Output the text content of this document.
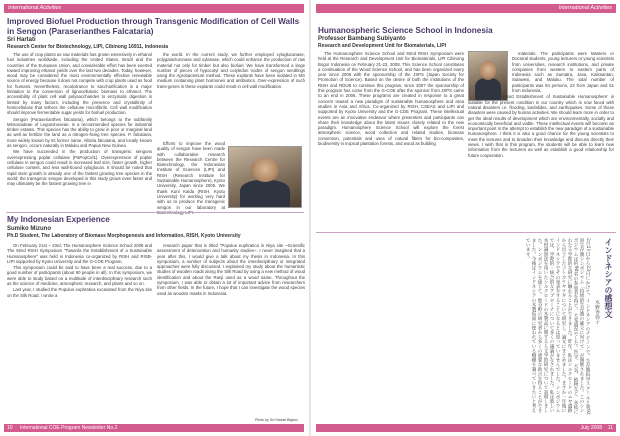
International Activities	International Activities
Improved Biofuel Production through Transgenic Modification of Cell Walls in Sengon (Paraserianthes Falcataria)
Sri Hartati
Research Center for Biotechnology, LIPI, Cibinong 16911, Indonesia

The use of crop plants as raw materials has grown extensively in ethanol fuel industries worldwide, including the United States, Brazil and the countries of the European Union, and considerable effort has been exerted toward improving ethanol yields over the last two decades. Today, however, wood may be considered the most environmentally effective renewable source of energy because it does not compete with crop plants used as food for humans. Nevertheless, recalcitrance to saccharification is a major limitation to the conversion of lignocellulosic biomass to ethanol. The accessibility of plant cell wall polysaccharides to enzymatic digestion is limited by many factors, including the presence and crystallinity of hemicellulose that tethers the cellulose microfibrils. Cell wall modification should improve fermentable sugar yields for biofuel production.

Sengon (Paraserianthes falcataria), which belongs to the subfamily Mimosoideae of Leguminoseae, is a recommended species for industrial timber estates. This species has the ability to grow in poor or marginal land as well as fertilize the land as a nitrogen-fixing tree species. P. falcataria, more widely known by its former name, Albizia falcataria, and locally known as sengon, occurs naturally in Maluku and Papua New Guinea.

We have succeeded in the production of transgenic sengons overexpressing poplar cellulase (PaPopCel1). Overexpression of poplar cellulase in sengon could result in increased leaf size, faster growth, higher cellulose content, and less wall-bound xyloglucan. It should be noted that rapid stem growth is already one of the fastest growing tree species in the world; the transgenic sengon developed in this study grows even faster and may ultimately be the fastest growing tree in

the world. In the current study, we further employed xyloglucanase, polygalacturonase and xylanase, which could enhance the production of raw material not only for timber but also biofuel. We have transformed a large number of pieces of hypocotyl and cotyledon nodes of sengon seedlings using the Agrobacterium method. These explants have been isolated in MS medium containing plant hormones and antibiotics. Over-expression of such trans-genes in these explants could result in cell wall modification.

Efforts to improve the wood quality of sengon have been made with collaborative research between the Research Centre for Biotechnology, the Indonesian Institute of Sciences (LIPI) and RISH (Research Institute for Sustainable Humanosphere), Kyoto University, Japan since 2005. We thank Kuni Kaida (RISH, Kyoto University) for working very hard with us to produce the transgenic sengon in our laboratory at

My Indonesian Experience
Sumiko Mizuno
Ph.D Student, The Laboratory of Biomass Morphogenesis and Information, RISH, Kyoto University

On February 21st ~ 23rd, The Humanosphere Science School 2008 and The 92nd RISH Symposium "Towards the Establishment of a Sustainable Humanosphere" was held in Indonesia co-organized by RISH and RISB-LIPI supported by Kyoto University and the G-COE Program.

This symposium could be said to have been a real success, due to a good number of participants (about 90 people in all). In this symposium, we were able to study based on a multitude of interdisciplinary research such as the science of medicine, atmospheric research, and plants and so on.

Last year, I studied the Populus euphratica excavated from the Niya site on the Silk Road. I wrote a

research paper that is titled "Populus euphratica in Niya site ~Scientific assessment of deterioration and humanity studies~. I never imagined that a year after this, I would give a talk about my thesis in Indonesia. In this symposium, a number of subjects about the interdisciplinary or integrated approaches were fully discussed. I explained my study about the humanistic studies of wooden roads along the Silk Road by using a new method of wood identification and about the Ranji used as a wood name. Throughout the symposium, I was able to obtain a lot of important advice from researchers from other fields. In the future, I hope that I can investigate the wood species used as wooden masks in Indonesia.

Photo by Sri Hartati Bigbox
Humanospheric Science School in Indonesia
Professor Bambang Subiyanto
Research and Development Unit for Biomaterials, LIPI

The Humanosphere Science School and 92nd RISH Symposium were held at the Research and Development Unit for Biomaterials, LIPI Cibinong Bogor Indonesia on February 21-23, 2008. This Science School constitutes a continuation of the Wood Science School, and has been organized every year since 2006 with the sponsorship of the JSPS (Japan Society for Promotion of Science). Based on the desire of both the institutions of the RISH and RDUB to continue this program, since 2007 the sponsorship of this program has come from the G-COE after the sponsor from JSPS came to an end in 2006. These programs are created in response to a great concern toward a new paradigm of sustainable humanosphere and area studies in Asia and Africa. Co-organized by RISH, CSEAS and LIPI and supported by Kyoto University and the G-COE Program. These intellectual events are an innovative endeavor where presenters and participants can share their knowledge about the latest issues closely related to the new paradigm. Humanosphere Science School will explore the forest atmospheric science, wood collection and related studies, biomass conversion, potentials and uses of natural fibers for bio-composites, biodiversity in tropical plantation forests, and wood as building

materials. The participants were Masters or Doctoral students, young lecturers or young scientists from universities, research institutions, and private companies from western to eastern parts of Indonesia such as Sumatra, Java, Kalimantan, Sulawesi, and Maluku. The total number of participants was 84 persons, 23 from Japan and 51 from Indonesia.

The theme 'Toward Establishment of Sustainable Humanosphere' is suitable for the present condition in our country which is now faced with natural disasters i.e. flooding, landslides, and earthquakes. Some of those disasters were caused by human activities. We should learn more in order to get the ideal results of development which are environmentally, socially and economically beneficial and viable. These intellectual events will become an important point in the attempt to establish the new paradigm of a sustainable humanosphere. I think it is also a good chance for the young scientists to meet the lectures and to broaden their knowledge and discuss directly their views. I wish that in this program, the students will be able to learn new information from the lecturers as well as establish a good relationship for future cooperation.

インドネシアの感想文
水野寿弥子
2月21日から23日にかけて、インドネシアのチビノンで、生存圏科学スクールと第92回生存圏シンポジウム「持続的生存圏の確立に向けて」が開催されました。このシンポジウムは約90名の参加者を得て、大変盛況でした。医学、大気、植物など、多岐にわたる学際的な研究に触れることができました。昨年、私はシルクロードのニヤ遺跡から出土したコトカケヤナギについて研究し、論文にまとめました。まさか一年後にインドネシアでその発表をすることになるとは思っていませんでした。シンポジウムでは、学際的・統合的なアプローチについて多くの議論がなされました。私は新しい木材識別法を用いたシルクロードの木製品に関する人文学的研究について説明しました。シンポジウムを通じて、他分野の研究者から多くの重要な助言を得ることができました。今後はインドネシアの木製仮面に使われている樹種を調べていきたいと考えています。
10 International COE Program Newsletter No.2	July 2008 11
